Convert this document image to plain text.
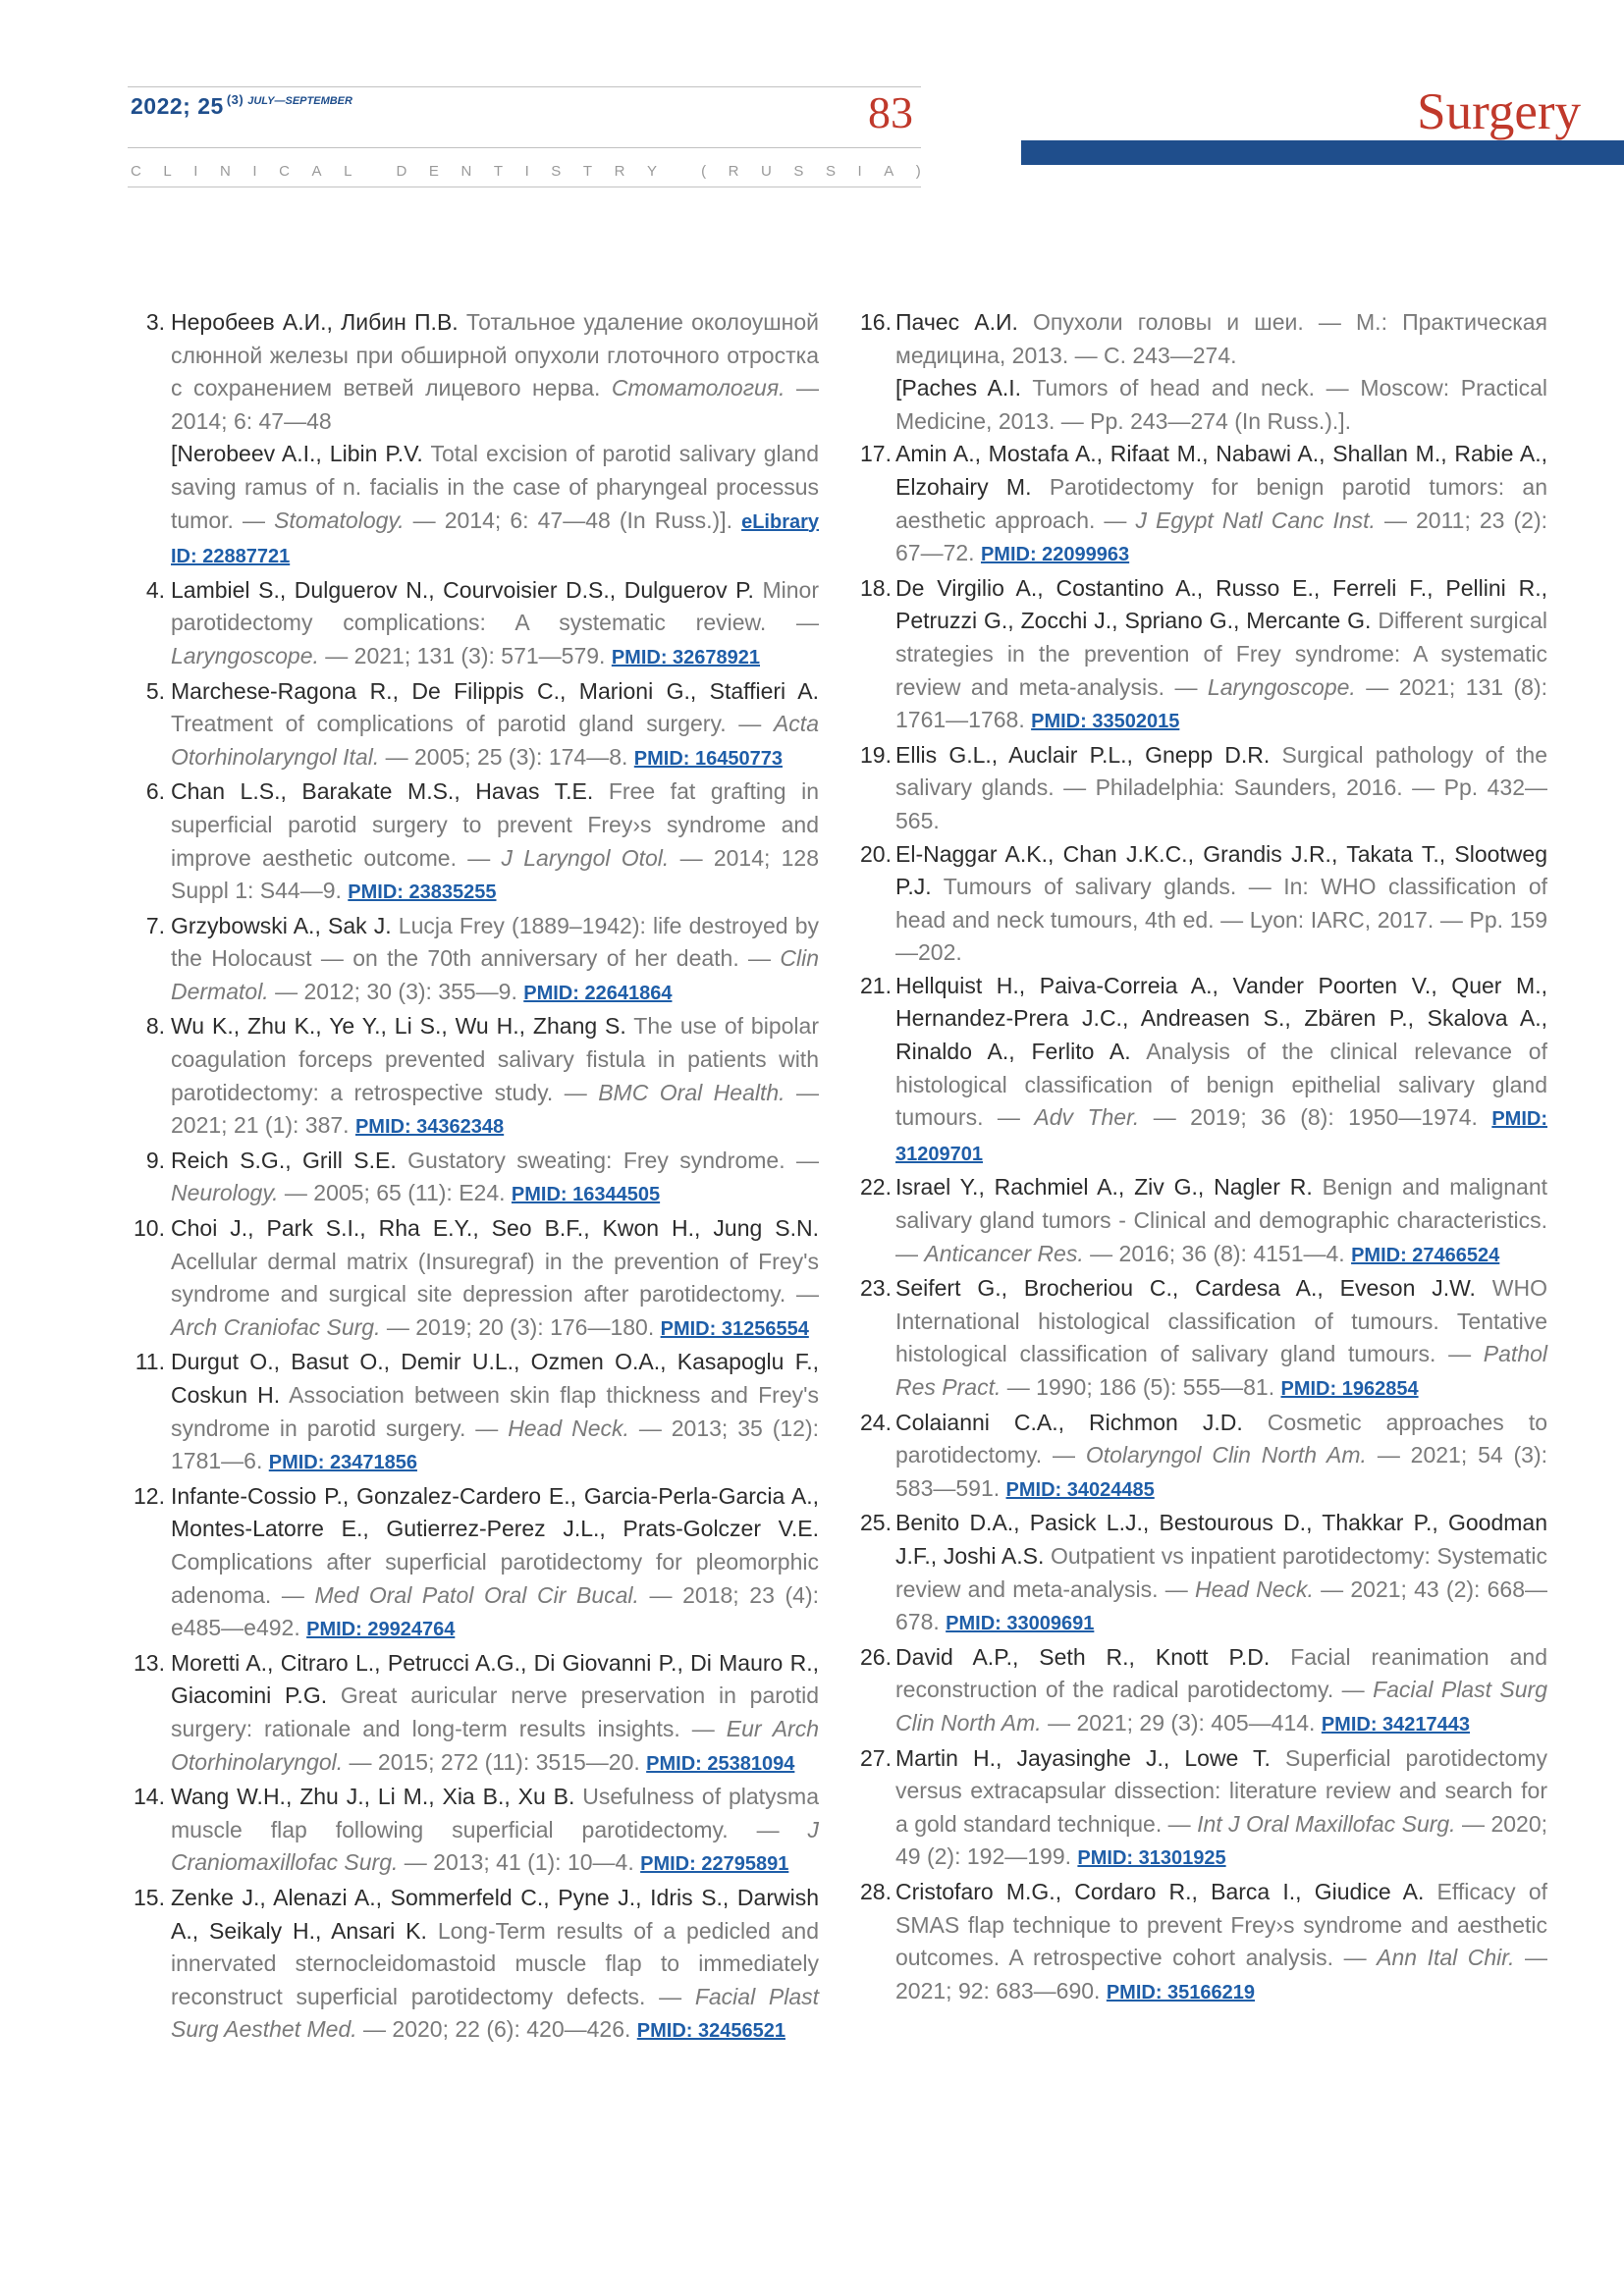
2022; 25 $^{(3)}$ $^{JULY—SEPTEMBER}$	83
C L I N I C A L	D E N T I S T R Y	( R U S S I A )
Surgery
3. Неробеев А.И., Либин П.В. Тотальное удаление околоушной слюнной железы при обширной опухоли глоточного отростка с сохранением ветвей лицевого нерва. Стоматология. — 2014; 6: 47—48
[Nerobeev A.I., Libin P.V. Total excision of parotid salivary gland saving ramus of n. facialis in the case of pharyngeal processus tumor. — Stomatology. — 2014; 6: 47—48 (In Russ.)]. eLibrary ID: 22887721
4. Lambiel S., Dulguerov N., Courvoisier D.S., Dulguerov P. Minor parotidectomy complications: A systematic review. — Laryngoscope. — 2021; 131 (3): 571—579. PMID: 32678921
5. Marchese-Ragona R., De Filippis C., Marioni G., Staffieri A. Treatment of complications of parotid gland surgery. — Acta Otorhinolaryngol Ital. — 2005; 25 (3): 174—8. PMID: 16450773
6. Chan L.S., Barakate M.S., Havas T.E. Free fat grafting in superficial parotid surgery to prevent Frey›s syndrome and improve aesthetic outcome. — J Laryngol Otol. — 2014; 128 Suppl 1: S44—9. PMID: 23835255
7. Grzybowski A., Sak J. Lucja Frey (1889–1942): life destroyed by the Holocaust — on the 70th anniversary of her death. — Clin Dermatol. — 2012; 30 (3): 355—9. PMID: 22641864
8. Wu K., Zhu K., Ye Y., Li S., Wu H., Zhang S. The use of bipolar coagulation forceps prevented salivary fistula in patients with parotidectomy: a retrospective study. — BMC Oral Health. — 2021; 21 (1): 387. PMID: 34362348
9. Reich S.G., Grill S.E. Gustatory sweating: Frey syndrome. — Neurology. — 2005; 65 (11): E24. PMID: 16344505
10. Choi J., Park S.I., Rha E.Y., Seo B.F., Kwon H., Jung S.N. Acellular dermal matrix (Insuregraf) in the prevention of Frey's syndrome and surgical site depression after parotidectomy. — Arch Craniofac Surg. — 2019; 20 (3): 176—180. PMID: 31256554
11. Durgut O., Basut O., Demir U.L., Ozmen O.A., Kasapoglu F., Coskun H. Association between skin flap thickness and Frey's syndrome in parotid surgery. — Head Neck. — 2013; 35 (12): 1781—6. PMID: 23471856
12. Infante-Cossio P., Gonzalez-Cardero E., Garcia-Perla-Garcia A., Montes-Latorre E., Gutierrez-Perez J.L., Prats-Golczer V.E. Complications after superficial parotidectomy for pleomorphic adenoma. — Med Oral Patol Oral Cir Bucal. — 2018; 23 (4): e485—e492. PMID: 29924764
13. Moretti A., Citraro L., Petrucci A.G., Di Giovanni P., Di Mauro R., Giacomini P.G. Great auricular nerve preservation in parotid surgery: rationale and long-term results insights. — Eur Arch Otorhinolaryngol. — 2015; 272 (11): 3515—20. PMID: 25381094
14. Wang W.H., Zhu J., Li M., Xia B., Xu B. Usefulness of platysma muscle flap following superficial parotidectomy. — J Craniomaxillofac Surg. — 2013; 41 (1): 10—4. PMID: 22795891
15. Zenke J., Alenazi A., Sommerfeld C., Pyne J., Idris S., Darwish A., Seikaly H., Ansari K. Long-Term results of a pedicled and innervated sternocleidomastoid muscle flap to immediately reconstruct superficial parotidectomy defects. — Facial Plast Surg Aesthet Med. — 2020; 22 (6): 420—426. PMID: 32456521
16. Пачес А.И. Опухоли головы и шеи. — М.: Практическая медицина, 2013. — С. 243—274.
[Paches A.I. Tumors of head and neck. — Moscow: Practical Medicine, 2013. — Pp. 243—274 (In Russ.).].
17. Amin A., Mostafa A., Rifaat M., Nabawi A., Shallan M., Rabie A., Elzohairy M. Parotidectomy for benign parotid tumors: an aesthetic approach. — J Egypt Natl Canc Inst. — 2011; 23 (2): 67—72. PMID: 22099963
18. De Virgilio A., Costantino A., Russo E., Ferreli F., Pellini R., Petruzzi G., Zocchi J., Spriano G., Mercante G. Different surgical strategies in the prevention of Frey syndrome: A systematic review and meta-analysis. — Laryngoscope. — 2021; 131 (8): 1761—1768. PMID: 33502015
19. Ellis G.L., Auclair P.L., Gnepp D.R. Surgical pathology of the salivary glands. — Philadelphia: Saunders, 2016. — Pp. 432—565.
20. El-Naggar A.K., Chan J.K.C., Grandis J.R., Takata T., Slootweg P.J. Tumours of salivary glands. — In: WHO classification of head and neck tumours, 4th ed. — Lyon: IARC, 2017. — Pp. 159—202.
21. Hellquist H., Paiva-Correia A., Vander Poorten V., Quer M., Hernandez-Prera J.C., Andreasen S., Zbären P., Skalova A., Rinaldo A., Ferlito A. Analysis of the clinical relevance of histological classification of benign epithelial salivary gland tumours. — Adv Ther. — 2019; 36 (8): 1950—1974. PMID: 31209701
22. Israel Y., Rachmiel A., Ziv G., Nagler R. Benign and malignant salivary gland tumors - Clinical and demographic characteristics. — Anticancer Res. — 2016; 36 (8): 4151—4. PMID: 27466524
23. Seifert G., Brocheriou C., Cardesa A., Eveson J.W. WHO International histological classification of tumours. Tentative histological classification of salivary gland tumours. — Pathol Res Pract. — 1990; 186 (5): 555—81. PMID: 1962854
24. Colaianni C.A., Richmon J.D. Cosmetic approaches to parotidectomy. — Otolaryngol Clin North Am. — 2021; 54 (3): 583—591. PMID: 34024485
25. Benito D.A., Pasick L.J., Bestourous D., Thakkar P., Goodman J.F., Joshi A.S. Outpatient vs inpatient parotidectomy: Systematic review and meta-analysis. — Head Neck. — 2021; 43 (2): 668—678. PMID: 33009691
26. David A.P., Seth R., Knott P.D. Facial reanimation and reconstruction of the radical parotidectomy. — Facial Plast Surg Clin North Am. — 2021; 29 (3): 405—414. PMID: 34217443
27. Martin H., Jayasinghe J., Lowe T. Superficial parotidectomy versus extracapsular dissection: literature review and search for a gold standard technique. — Int J Oral Maxillofac Surg. — 2020; 49 (2): 192—199. PMID: 31301925
28. Cristofaro M.G., Cordaro R., Barca I., Giudice A. Efficacy of SMAS flap technique to prevent Frey›s syndrome and aesthetic outcomes. A retrospective cohort analysis. — Ann Ital Chir. — 2021; 92: 683—690. PMID: 35166219
